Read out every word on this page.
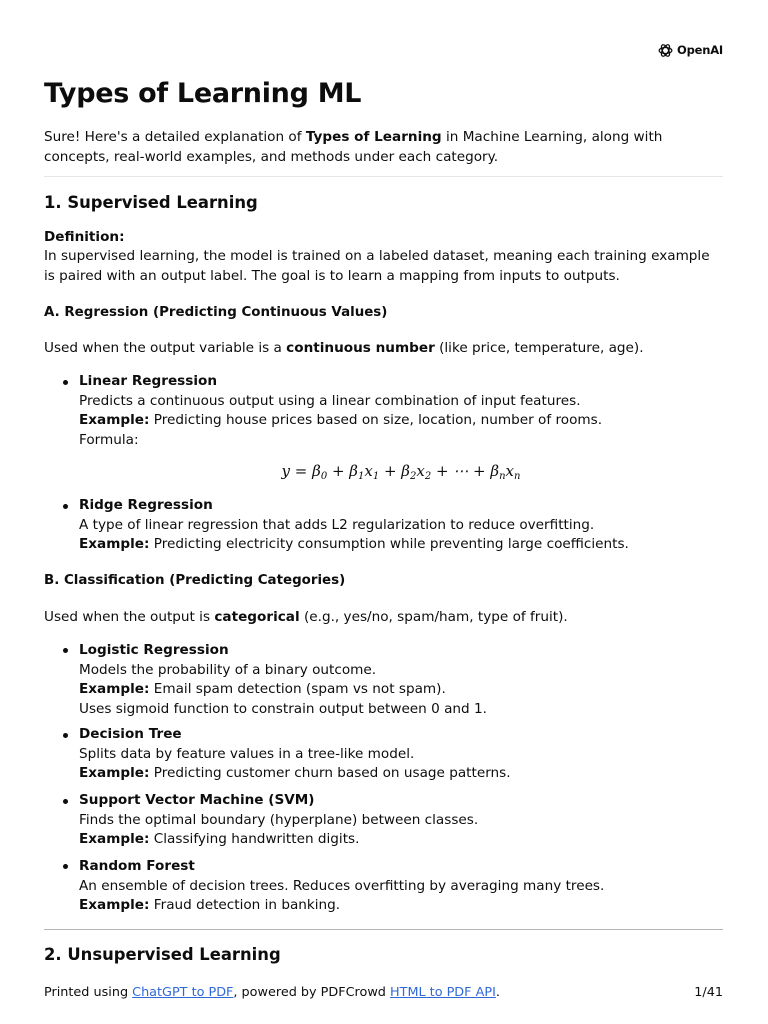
OpenAI
Types of Learning ML

Sure! Here's a detailed explanation of Types of Learning in Machine Learning, along with concepts, real-world examples, and methods under each category.

1. Supervised Learning

Definition:

In supervised learning, the model is trained on a labeled dataset, meaning each training example is paired with an output label. The goal is to learn a mapping from inputs to outputs.

A. Regression (Predicting Continuous Values)

Used when the output variable is a continuous number (like price, temperature, age).

Linear Regression
Predicts a continuous output using a linear combination of input features.
Example: Predicting house prices based on size, location, number of rooms.
Formula:
$y = \beta_0 + \beta_1x_1 + \beta_2x_2$ + ⋯ + $\beta_nx_n$
Ridge Regression
A type of linear regression that adds L2 regularization to reduce overfitting.
Example: Predicting electricity consumption while preventing large coefficients.
B. Classification (Predicting Categories)

Used when the output is categorical (e.g., yes/no, spam/ham, type of fruit).

Logistic Regression
Models the probability of a binary outcome.
Example: Email spam detection (spam vs not spam).
Uses sigmoid function to constrain output between 0 and 1.
Decision Tree
Splits data by feature values in a tree-like model.
Example: Predicting customer churn based on usage patterns.
Support Vector Machine (SVM)
Finds the optimal boundary (hyperplane) between classes.
Example: Classifying handwritten digits.
Random Forest
An ensemble of decision trees. Reduces overfitting by averaging many trees.
Example: Fraud detection in banking.
2. Unsupervised Learning
Printed using ChatGPT to PDF, powered by PDFCrowd HTML to PDF API.	1/41
